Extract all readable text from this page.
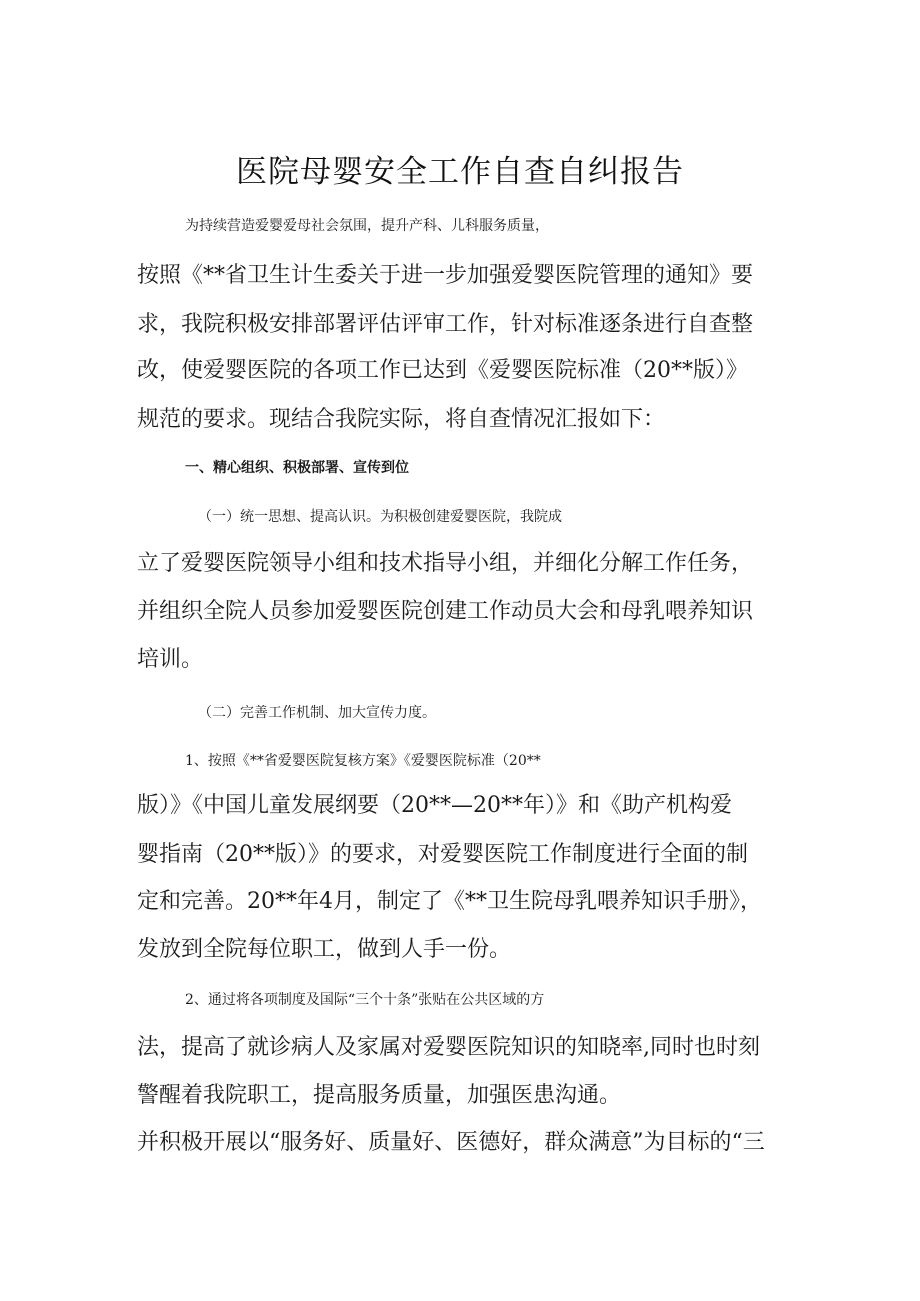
医院母婴安全工作自查自纠报告
为持续营造爱婴爱母社会氛围，提升产科、儿科服务质量，
按照《**省卫生计生委关于进一步加强爱婴医院管理的通知》要
求，我院积极安排部署评估评审工作，针对标准逐条进行自查整
改，使爱婴医院的各项工作已达到《爱婴医院标准（20**版）》
规范的要求。现结合我院实际，将自查情况汇报如下：
一、精心组织、积极部署、宣传到位
（一）统一思想、提高认识。为积极创建爱婴医院，我院成
立了爱婴医院领导小组和技术指导小组，并细化分解工作任务，
并组织全院人员参加爱婴医院创建工作动员大会和母乳喂养知识
培训。
（二）完善工作机制、加大宣传力度。
1、按照《**省爱婴医院复核方案》《爱婴医院标准（20**
版）》《中国儿童发展纲要（20**—20**年）》和《助产机构爱
婴指南（20**版）》的要求，对爱婴医院工作制度进行全面的制
定和完善。20**年4月，制定了《**卫生院母乳喂养知识手册》，
发放到全院每位职工，做到人手一份。
2、通过将各项制度及国际“三个十条”张贴在公共区域的方
法，提高了就诊病人及家属对爱婴医院知识的知晓率,同时也时刻
警醒着我院职工，提高服务质量，加强医患沟通。
并积极开展以“服务好、质量好、医德好，群众满意”为目标的“三
